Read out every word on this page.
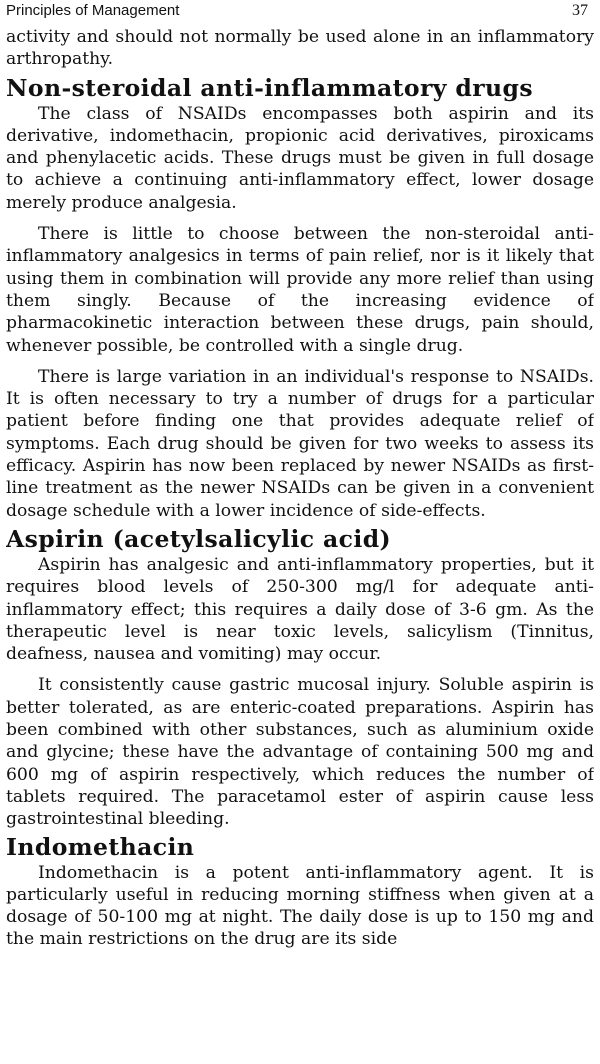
Principles of Management	37

activity and should not normally be used alone in an inflammatory arthropathy.

Non-steroidal anti-inflammatory drugs

The class of NSAIDs encompasses both aspirin and its derivative, indomethacin, propionic acid derivatives, piroxicams and phenylacetic acids. These drugs must be given in full dosage to achieve a continuing anti-inflammatory effect, lower dosage merely produce analgesia.

There is little to choose between the non-steroidal anti-inflammatory analgesics in terms of pain relief, nor is it likely that using them in combination will provide any more relief than using them singly. Because of the increasing evidence of pharmacokinetic interaction between these drugs, pain should, whenever possible, be controlled with a single drug.

There is large variation in an individual's response to NSAIDs. It is often necessary to try a number of drugs for a particular patient before finding one that provides adequate relief of symptoms. Each drug should be given for two weeks to assess its efficacy. Aspirin has now been replaced by newer NSAIDs as first-line treatment as the newer NSAIDs can be given in a convenient dosage schedule with a lower incidence of side-effects.

Aspirin (acetylsalicylic acid)

Aspirin has analgesic and anti-inflammatory properties, but it requires blood levels of 250-300 mg/l for adequate anti-inflammatory effect; this requires a daily dose of 3-6 gm. As the therapeutic level is near toxic levels, salicylism (Tinnitus, deafness, nausea and vomiting) may occur.

It consistently cause gastric mucosal injury. Soluble aspirin is better tolerated, as are enteric-coated preparations. Aspirin has been combined with other substances, such as aluminium oxide and glycine; these have the advantage of containing 500 mg and 600 mg of aspirin respectively, which reduces the number of tablets required. The paracetamol ester of aspirin cause less gastrointestinal bleeding.

Indomethacin

Indomethacin is a potent anti-inflammatory agent. It is particularly useful in reducing morning stiffness when given at a dosage of 50-100 mg at night. The daily dose is up to 150 mg and the main restrictions on the drug are its side
